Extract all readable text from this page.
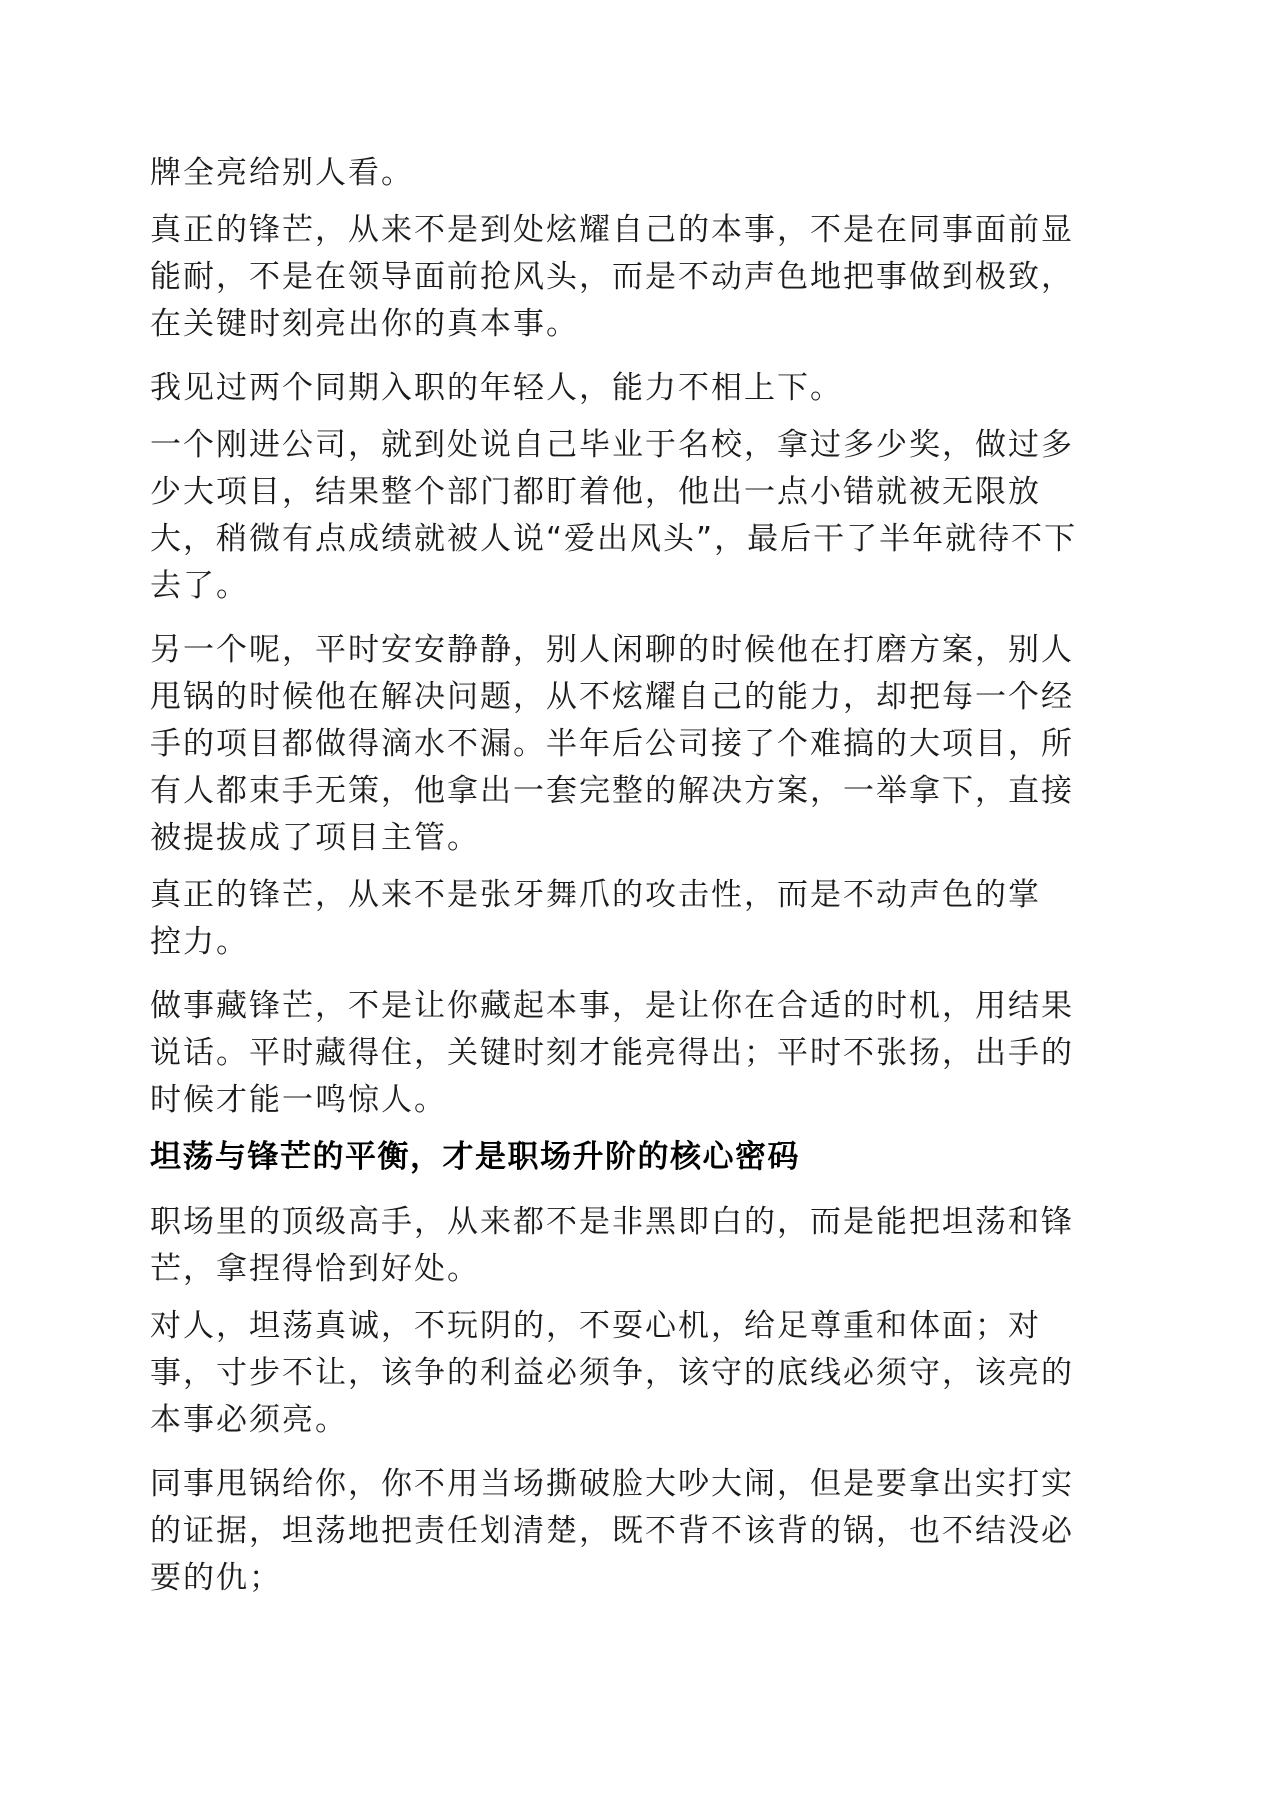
牌全亮给别人看。

真正的锋芒，从来不是到处炫耀自己的本事，不是在同事面前显
能耐，不是在领导面前抢风头，而是不动声色地把事做到极致，
在关键时刻亮出你的真本事。

我见过两个同期入职的年轻人，能力不相上下。

一个刚进公司，就到处说自己毕业于名校，拿过多少奖，做过多
少大项目，结果整个部门都盯着他，他出一点小错就被无限放
大，稍微有点成绩就被人说“爱出风头”，最后干了半年就待不下
去了。

另一个呢，平时安安静静，别人闲聊的时候他在打磨方案，别人
甩锅的时候他在解决问题，从不炫耀自己的能力，却把每一个经
手的项目都做得滴水不漏。半年后公司接了个难搞的大项目，所
有人都束手无策，他拿出一套完整的解决方案，一举拿下，直接
被提拔成了项目主管。

真正的锋芒，从来不是张牙舞爪的攻击性，而是不动声色的掌
控力。

做事藏锋芒，不是让你藏起本事，是让你在合适的时机，用结果
说话。平时藏得住，关键时刻才能亮得出；平时不张扬，出手的
时候才能一鸣惊人。

坦荡与锋芒的平衡，才是职场升阶的核心密码

职场里的顶级高手，从来都不是非黑即白的，而是能把坦荡和锋
芒，拿捏得恰到好处。

对人，坦荡真诚，不玩阴的，不耍心机，给足尊重和体面；对
事，寸步不让，该争的利益必须争，该守的底线必须守，该亮的
本事必须亮。

同事甩锅给你，你不用当场撕破脸大吵大闹，但是要拿出实打实
的证据，坦荡地把责任划清楚，既不背不该背的锅，也不结没必
要的仇；
